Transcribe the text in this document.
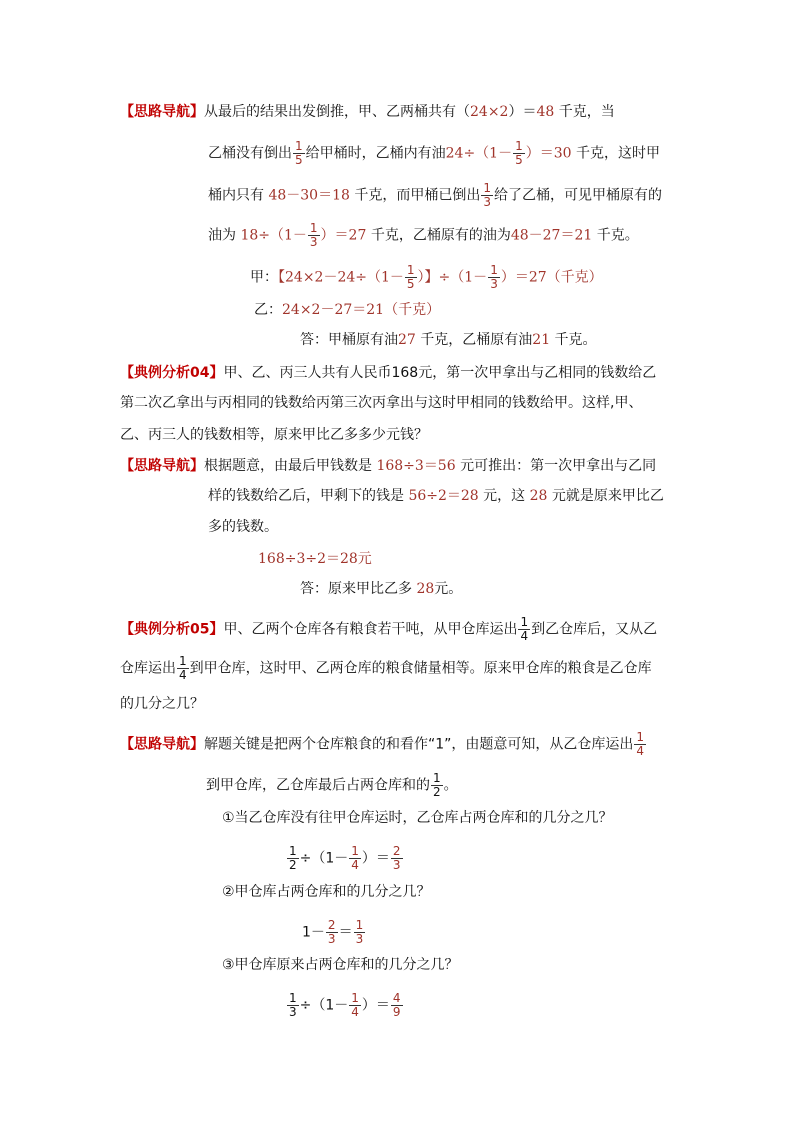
【思路导航】从最后的结果出发倒推，甲、乙两桶共有（24×2）＝48 千克，当
乙桶没有倒出 $\frac{1}{5}$ 给甲桶时，乙桶内有油$24\div(1- \frac{1}{5} )=30$ 千克，这时甲
桶内只有 48－30＝18 千克，而甲桶已倒出 $\frac{1}{3}$ 给了乙桶，可见甲桶原有的
油为 $18\div(1- \frac{1}{3} )=27$ 千克，乙桶原有的油为48－27＝21 千克。
甲：【$24\times 2-24\div(1- \frac{1}{5}$ ）】$\div(1- \frac{1}{3} )=27$（千克）
乙：24×2－27＝21（千克）
答：甲桶原有油27 千克，乙桶原有油21 千克。
【典例分析04】甲、乙、丙三人共有人民币168元，第一次甲拿出与乙相同的钱数给乙
第二次乙拿出与丙相同的钱数给丙第三次丙拿出与这时甲相同的钱数给甲。这样,甲、
乙、丙三人的钱数相等，原来甲比乙多多少元钱？
【思路导航】根据题意，由最后甲钱数是 168÷3＝56 元可推出：第一次甲拿出与乙同
样的钱数给乙后，甲剩下的钱是 56÷2＝28 元，这 28 元就是原来甲比乙
多的钱数。
168÷3÷2＝28元
答：原来甲比乙多 28元。
【典例分析05】甲、乙两个仓库各有粮食若干吨，从甲仓库运出 $\frac{1}{4}$ 到乙仓库后，又从乙
仓库运出 $\frac{1}{4}$ 到甲仓库，这时甲、乙两仓库的粮食储量相等。原来甲仓库的粮食是乙仓库
的几分之几？
【思路导航】解题关键是把两个仓库粮食的和看作“1”，由题意可知，从乙仓库运出 $\frac{1}{4}$
到甲仓库，乙仓库最后占两仓库和的 $\frac{1}{2}$ 。
①当乙仓库没有往甲仓库运时，乙仓库占两仓库和的几分之几？
$\frac{1}{2} \div(1- \frac{1}{4}$ ）＝ $\frac{2}{3}$
②甲仓库占两仓库和的几分之几？
$1- \frac{2}{3} = \frac{1}{3}$
③甲仓库原来占两仓库和的几分之几？
$\frac{1}{3} \div(1- \frac{1}{4}$ ）＝ $\frac{4}{9}$
